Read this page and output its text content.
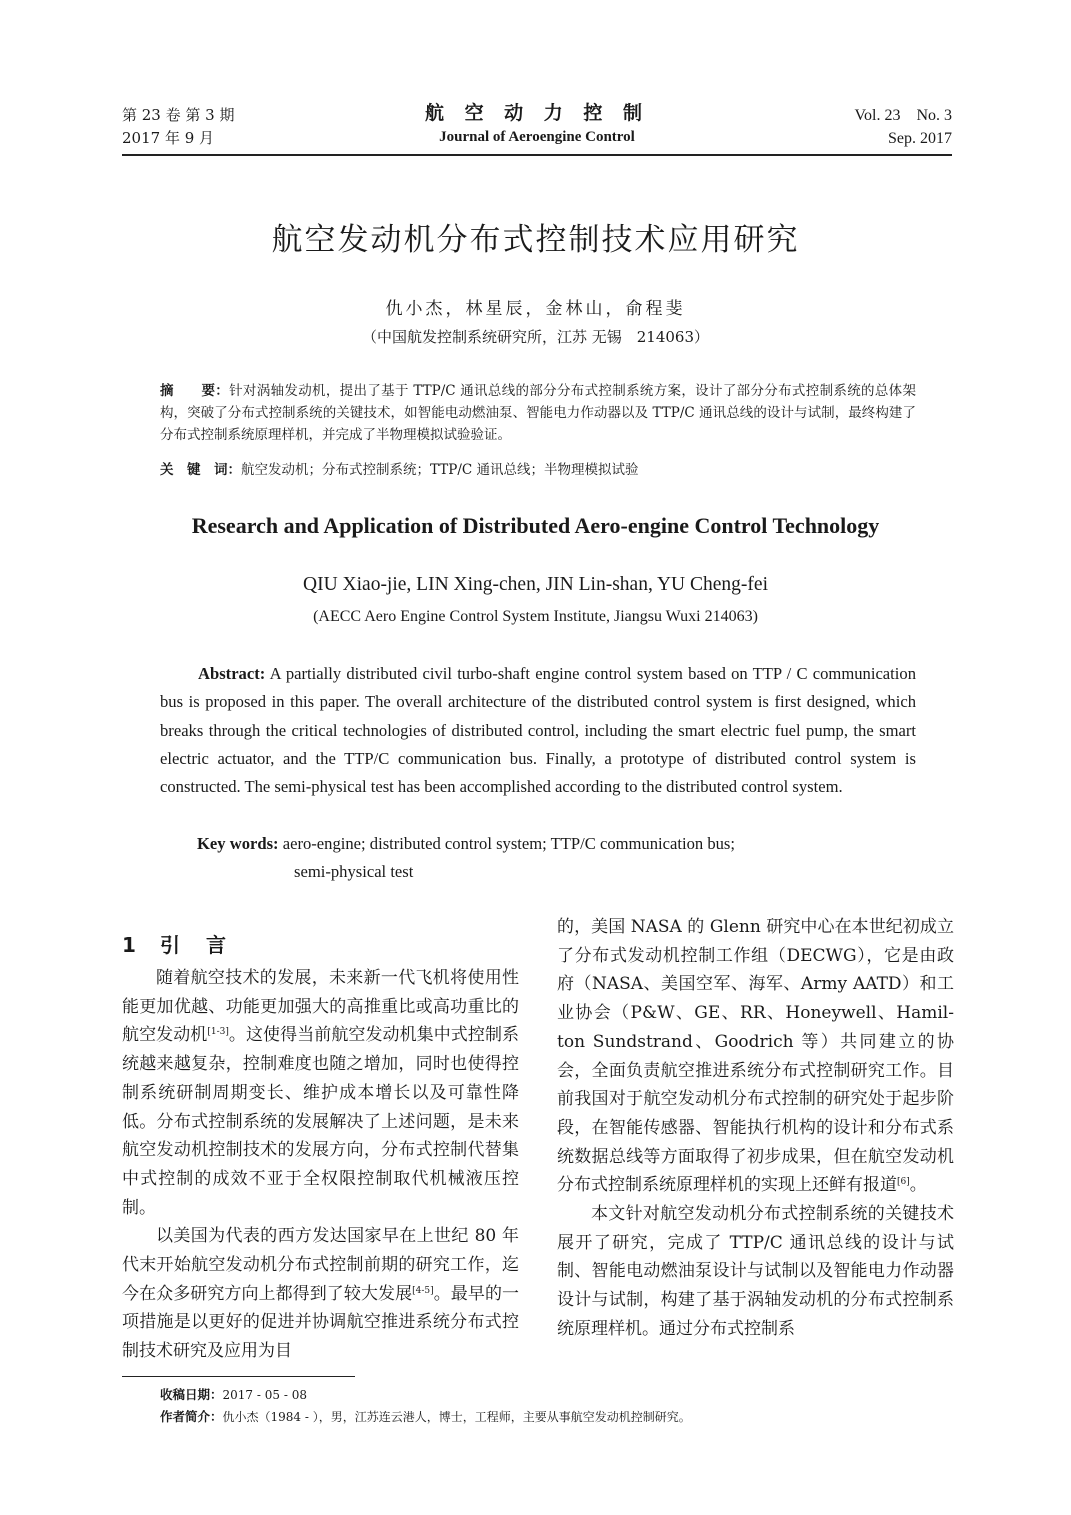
第 23 卷 第 3 期
2017 年 9 月
航 空 动 力 控 制
Journal of Aeroengine Control
Vol. 23    No. 3
Sep. 2017
航空发动机分布式控制技术应用研究
仇小杰，林星辰，金林山，俞程斐
（中国航发控制系统研究所，江苏 无锡　214063）
摘　　要：针对涡轴发动机，提出了基于 TTP/C 通讯总线的部分分布式控制系统方案，设计了部分分布式控制系统的总体架构，突破了分布式控制系统的关键技术，如智能电动燃油泵、智能电力作动器以及 TTP/C 通讯总线的设计与试制，最终构建了分布式控制系统原理样机，并完成了半物理模拟试验验证。
关　键　词：航空发动机；分布式控制系统；TTP/C 通讯总线；半物理模拟试验
Research and Application of Distributed Aero-engine Control Technology
QIU Xiao-jie, LIN Xing-chen, JIN Lin-shan, YU Cheng-fei
(AECC Aero Engine Control System Institute, Jiangsu Wuxi 214063)
Abstract: A partially distributed civil turbo-shaft engine control system based on TTP / C communication bus is proposed in this paper. The overall architecture of the distributed control system is first designed, which breaks through the critical technologies of distributed control, including the smart electric fuel pump, the smart electric actuator, and the TTP/C communication bus. Finally, a prototype of distributed control system is constructed. The semi-physical test has been accomplished according to the distributed control system.
Key words: aero-engine; distributed control system; TTP/C communication bus;
semi-physical test
1 引言

随着航空技术的发展，未来新一代飞机将使用性能更加优越、功能更加强大的高推重比或高功重比的航空发动机[1-3]。这使得当前航空发动机集中式控制系统越来越复杂，控制难度也随之增加，同时也使得控制系统研制周期变长、维护成本增长以及可靠性降低。分布式控制系统的发展解决了上述问题，是未来航空发动机控制技术的发展方向，分布式控制代替集中式控制的成效不亚于全权限控制取代机械液压控制。

以美国为代表的西方发达国家早在上世纪 80 年代末开始航空发动机分布式控制前期的研究工作，迄今在众多研究方向上都得到了较大发展[4-5]。最早的一项措施是以更好的促进并协调航空推进系统分布式控制技术研究及应用为目

的，美国 NASA 的 Glenn 研究中心在本世纪初成立了分布式发动机控制工作组（DECWG），它是由政府（NASA、美国空军、海军、Army AATD）和工业协会（P&W、GE、RR、Honeywell、Hamil-ton Sundstrand、Goodrich 等）共同建立的协会，全面负责航空推进系统分布式控制研究工作。目前我国对于航空发动机分布式控制的研究处于起步阶段，在智能传感器、智能执行机构的设计和分布式系统数据总线等方面取得了初步成果，但在航空发动机分布式控制系统原理样机的实现上还鲜有报道[6]。

本文针对航空发动机分布式控制系统的关键技术展开了研究，完成了 TTP/C 通讯总线的设计与试制、智能电动燃油泵设计与试制以及智能电力作动器设计与试制，构建了基于涡轴发动机的分布式控制系统原理样机。通过分布式控制系

收稿日期：2017 - 05 - 08
作者简介：仇小杰（1984 - ），男，江苏连云港人，博士，工程师，主要从事航空发动机控制研究。
